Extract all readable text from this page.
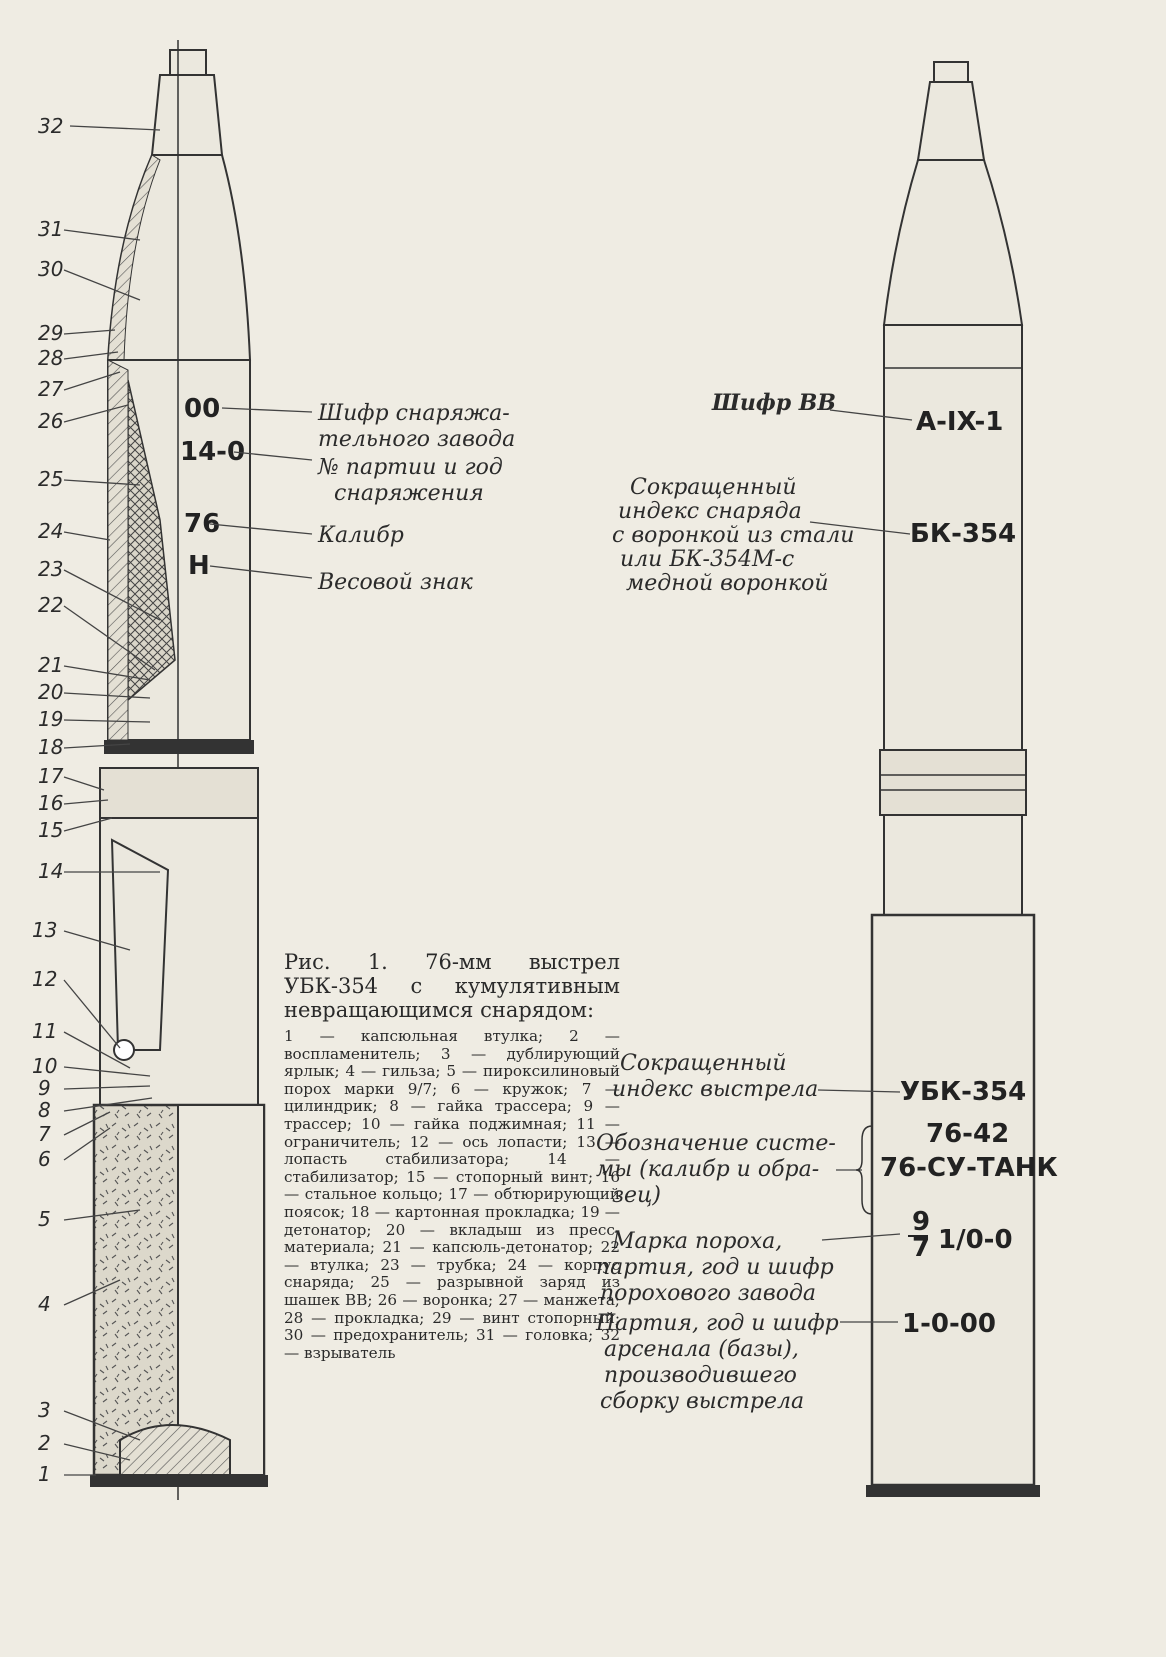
32
31
30
29
28
27
26
25
24
23
22
21
20
19
18
17
16
15
14
13
12
11
10
9
8
7
6
5
4
3
2
1
00
14-0
76
Н
Шифр снаряжа-
тельного завода
№ партии и год
снаряжения
Калибр
Весовой знак
Шифр ВВ
А-IX-1
Сокращенный
индекс снаряда
с воронкой из стали
или БК-354М-с
медной воронкой
БК-354
Сокращенный
индекс выстрела	УБК-354
Обозначение систе-
мы (калибр и обра-
зец)
76-42
76-СУ-ТАНК
Марка пороха,
партия, год и шифр
порохового завода
9
7 1/0-0
Партия, год и шифр
арсенала (базы),
производившего
сборку выстрела
1-0-00

Рис. 1. 76-мм выстрел УБК-354 с кумулятивным невращающимся снарядом:

1 — капсюльная втулка; 2 — воспламенитель; 3 — дублирующий ярлык; 4 — гильза; 5 — пироксилиновый порох марки 9/7; 6 — кружок; 7 — цилиндрик; 8 — гайка трассера; 9 — трассер; 10 — гайка поджимная; 11 — ограничитель; 12 — ось лопасти; 13 — лопасть стабилизатора; 14 — стабилизатор; 15 — стопорный винт; 16 — стальное кольцо; 17 — обтюрирующий поясок; 18 — картонная прокладка; 19 — детонатор; 20 — вкладыш из пресс-материала; 21 — капсюль-детонатор; 22 — втулка; 23 — трубка; 24 — корпус снаряда; 25 — разрывной заряд из шашек ВВ; 26 — воронка; 27 — манжета; 28 — прокладка; 29 — винт стопорный; 30 — предохранитель; 31 — головка; 32 — взрыватель
